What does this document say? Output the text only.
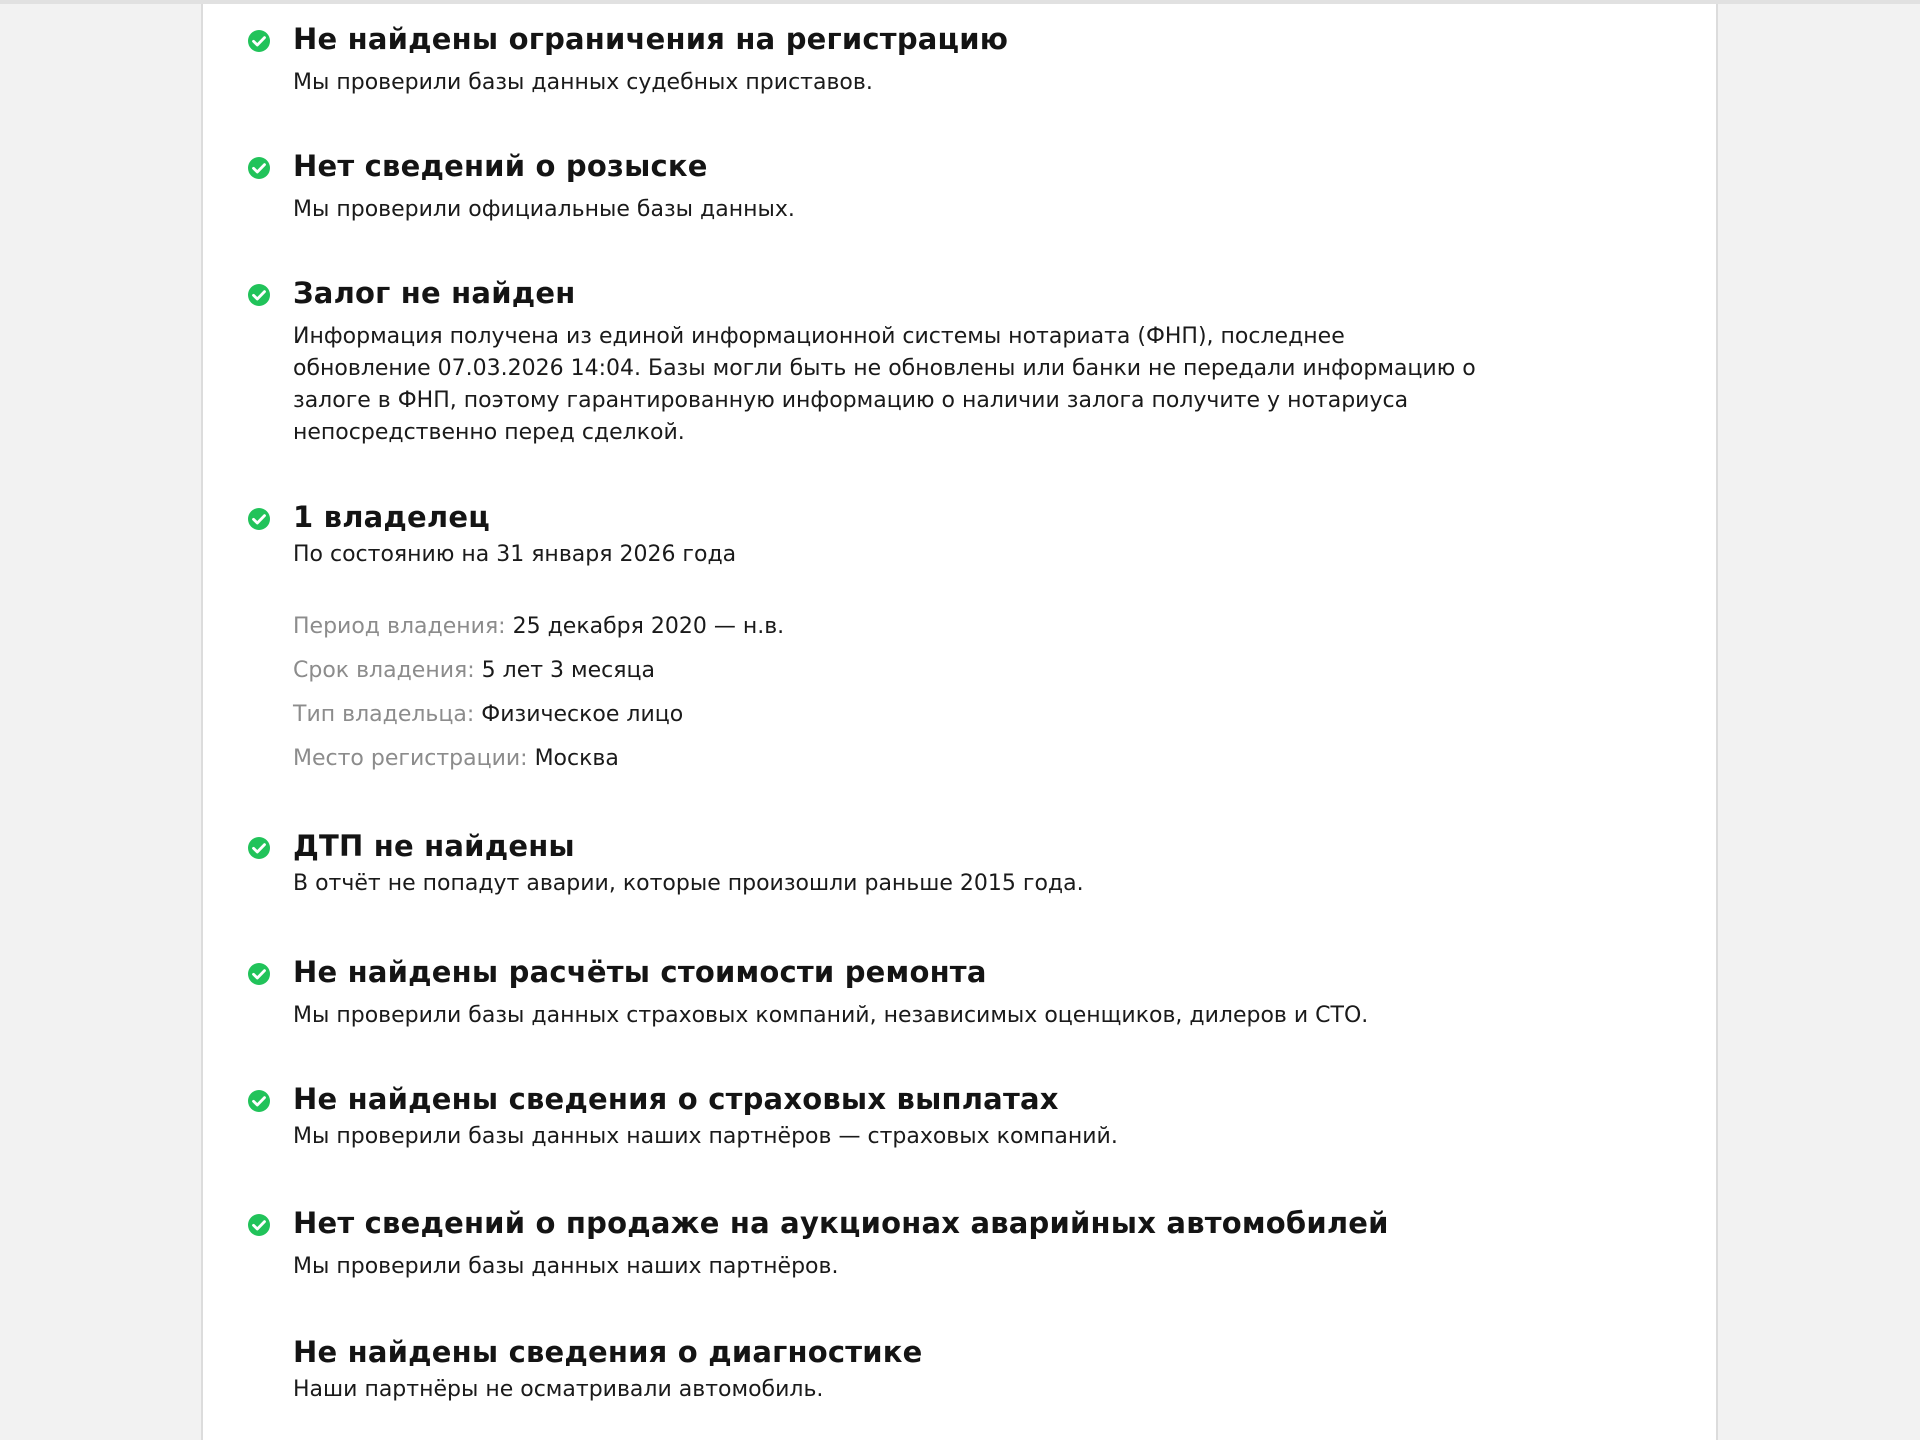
Не найдены ограничения на регистрацию

Мы проверили базы данных судебных приставов.

Нет сведений о розыске

Мы проверили официальные базы данных.

Залог не найден

Информация получена из единой информационной системы нотариата (ФНП), последнее

обновление 07.03.2026 14:04. Базы могли быть не обновлены или банки не передали информацию о

залоге в ФНП, поэтому гарантированную информацию о наличии залога получите у нотариуса

непосредственно перед сделкой.

1 владелец

По состоянию на 31 января 2026 года

Период владения: 25 декабря 2020 — н.в.

Срок владения: 5 лет 3 месяца

Тип владельца: Физическое лицо

Место регистрации: Москва

ДТП не найдены

В отчёт не попадут аварии, которые произошли раньше 2015 года.

Не найдены расчёты стоимости ремонта

Мы проверили базы данных страховых компаний, независимых оценщиков, дилеров и СТО.

Не найдены сведения о страховых выплатах

Мы проверили базы данных наших партнёров — страховых компаний.

Нет сведений о продаже на аукционах аварийных автомобилей

Мы проверили базы данных наших партнёров.

Не найдены сведения о диагностике

Наши партнёры не осматривали автомобиль.
